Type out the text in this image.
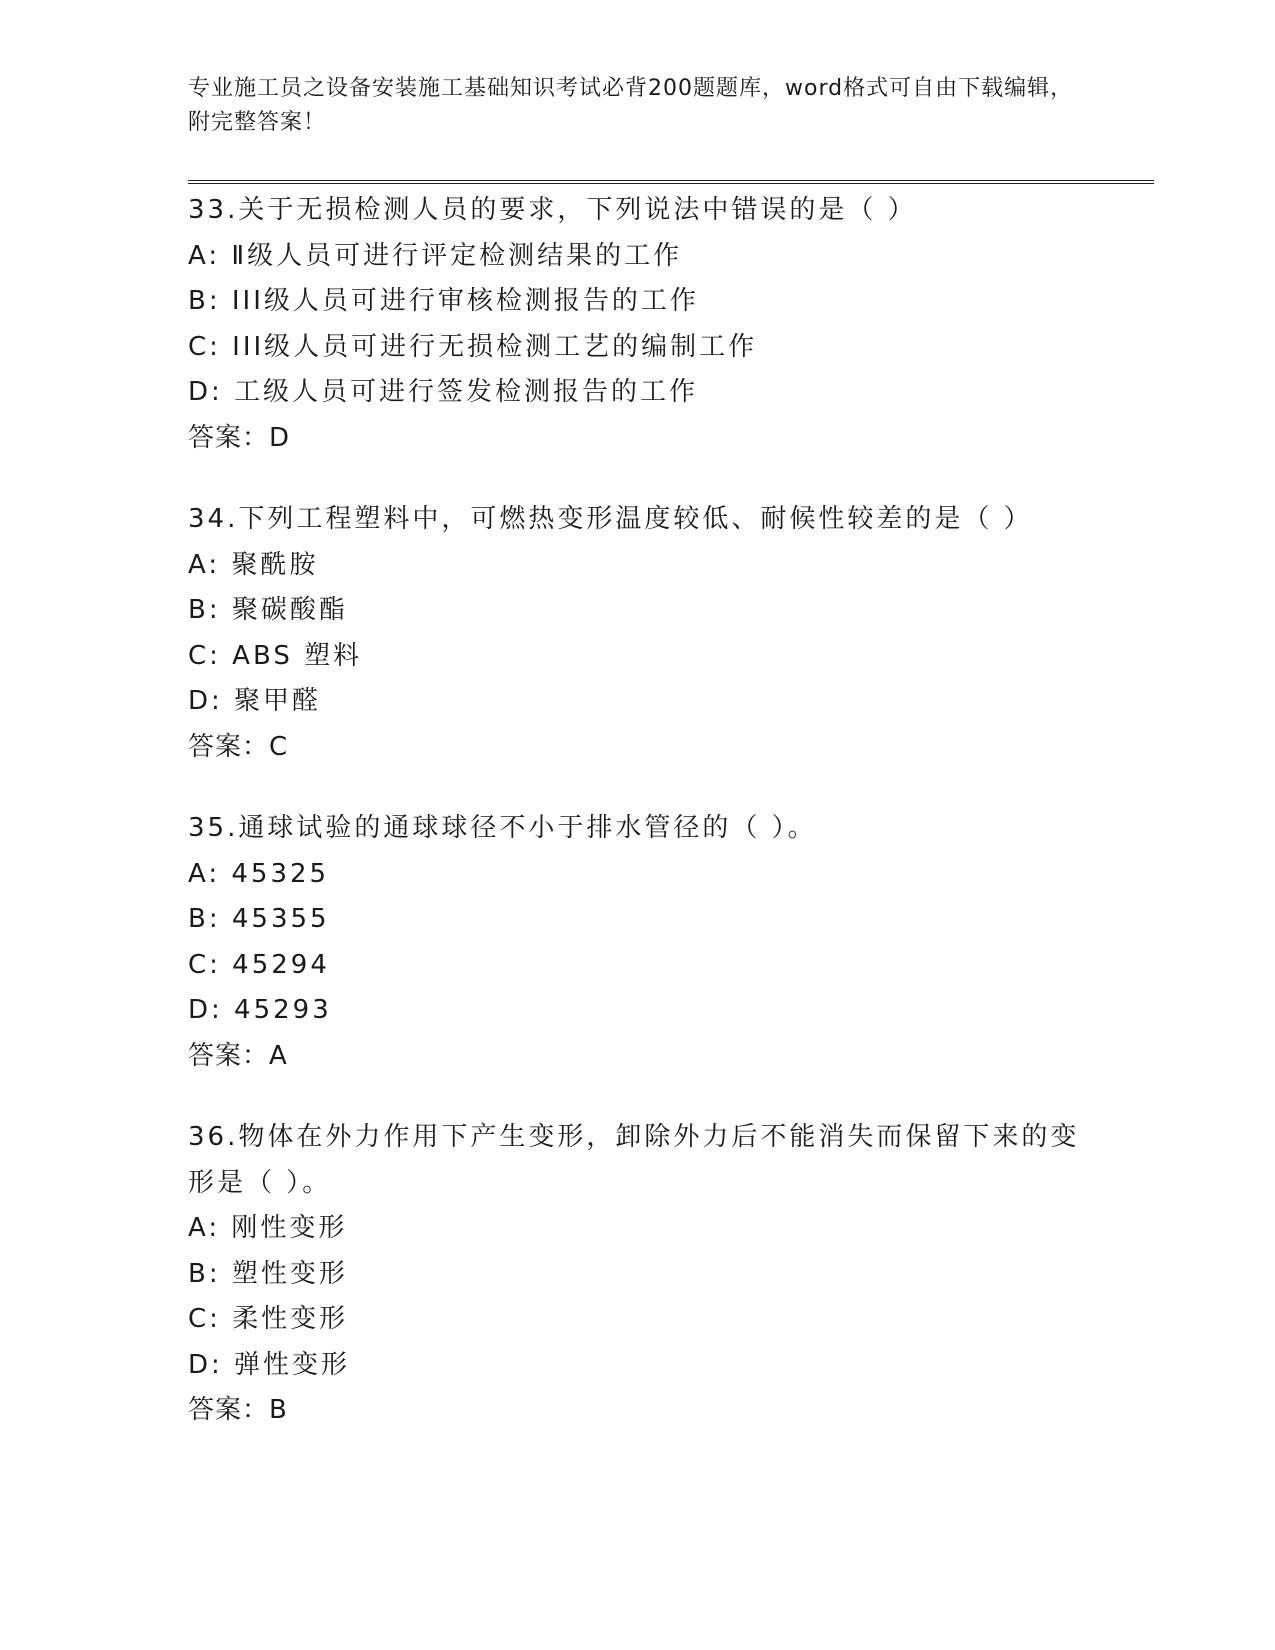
专业施工员之设备安装施工基础知识考试必背200题题库，word格式可自由下载编辑，附完整答案！
33.关于无损检测人员的要求，下列说法中错误的是（ ）
A: Ⅱ级人员可进行评定检测结果的工作
B: III级人员可进行审核检测报告的工作
C: III级人员可进行无损检测工艺的编制工作
D: 工级人员可进行签发检测报告的工作
答案：D
34.下列工程塑料中，可燃热变形温度较低、耐候性较差的是（ ）
A: 聚酰胺
B: 聚碳酸酯
C: ABS 塑料
D: 聚甲醛
答案：C
35.通球试验的通球球径不小于排水管径的（ ）。
A: 45325
B: 45355
C: 45294
D: 45293
答案：A
36.物体在外力作用下产生变形，卸除外力后不能消失而保留下来的变形是（ ）。
A: 刚性变形
B: 塑性变形
C: 柔性变形
D: 弹性变形
答案：B
